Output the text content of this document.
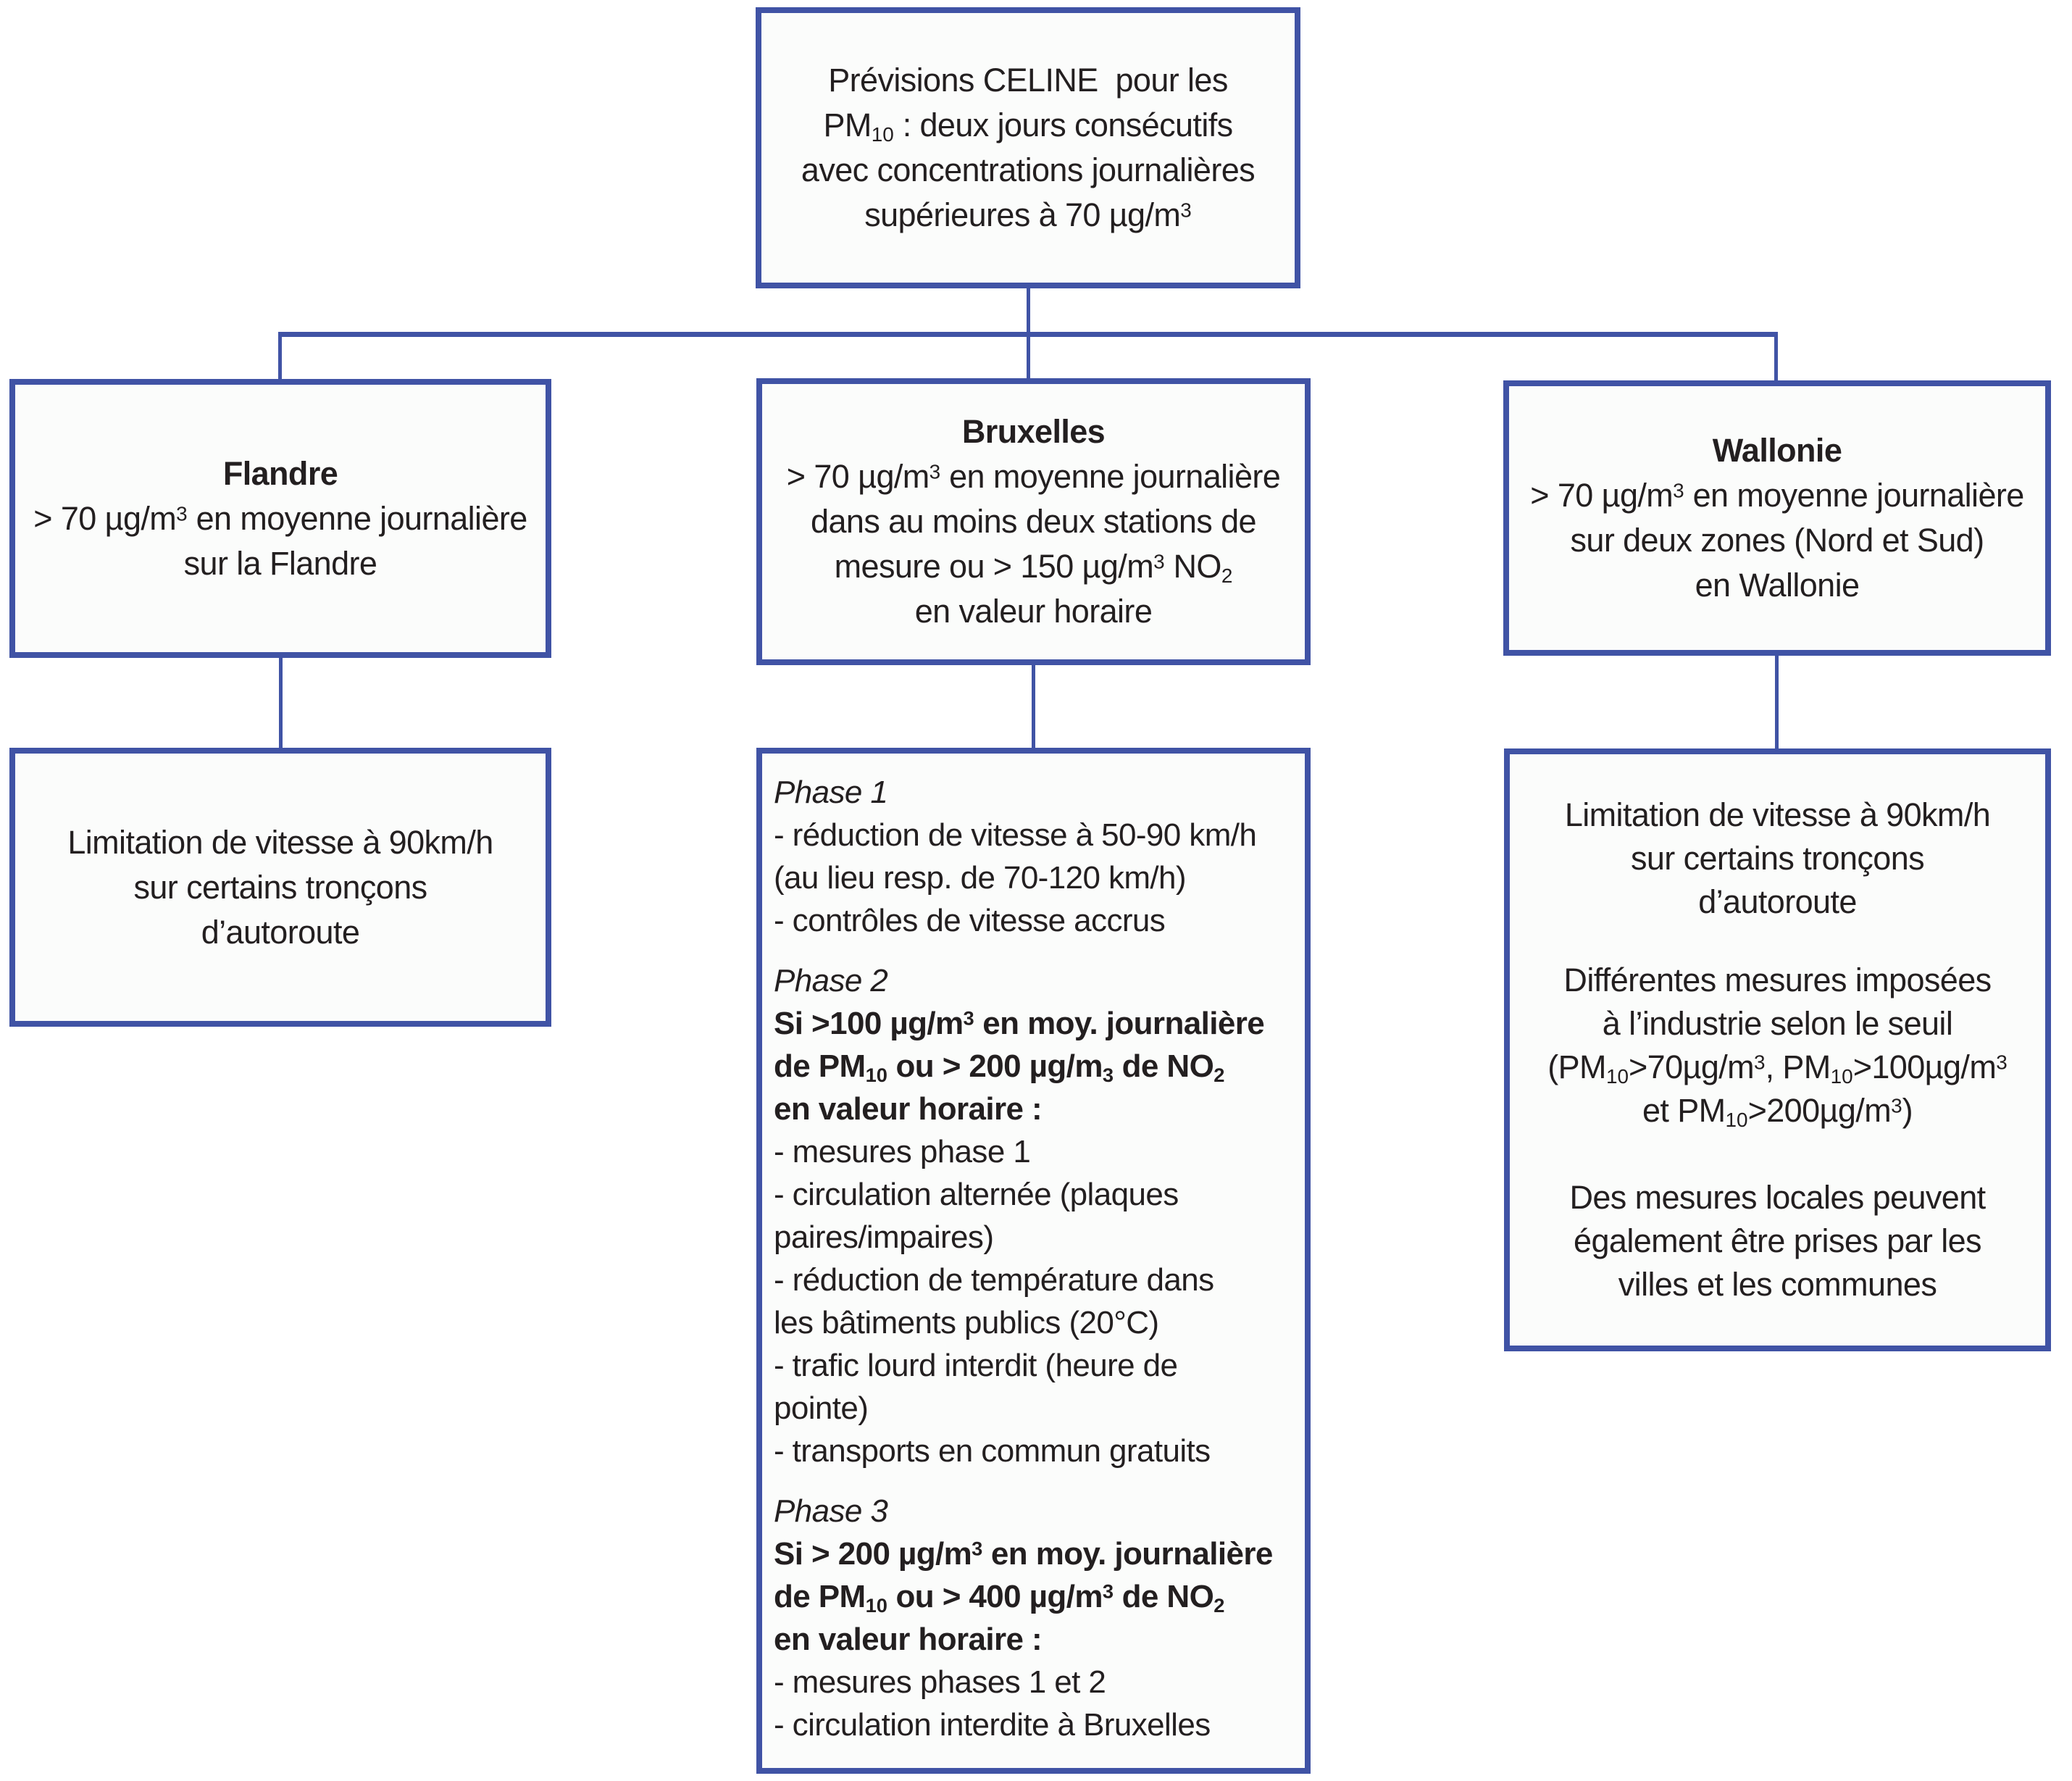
Prévisions CELINE  pour les
$PM_{10}$ : deux jours consécutifs
avec concentrations journalières
supérieures à 70 $\mu g/m^3$
Flandre
> 70 $\mu g/m^3$ en moyenne journalière
sur la Flandre
Bruxelles
> 70 $\mu g/m^3$ en moyenne journalière
dans au moins deux stations de
mesure ou > 150 $\mu g/m^3$ $NO_2$
en valeur horaire
Wallonie
> 70 $\mu g/m^3$ en moyenne journalière
sur deux zones (Nord et Sud)
en Wallonie
Limitation de vitesse à 90km/h
sur certains tronçons
d’autoroute
Phase 1
- réduction de vitesse à 50-90 km/h
(au lieu resp. de 70-120 km/h)
- contrôles de vitesse accrus
Phase 2
Si >100 $\mu g/m^3$ en moy. journalière
de $PM_{10}$ ou > 200 $\mu g/m_3$ de $NO_2$
en valeur horaire :
- mesures phase 1
- circulation alternée (plaques
paires/impaires)
- réduction de température dans
les bâtiments publics (20°C)
- trafic lourd interdit (heure de
pointe)
- transports en commun gratuits
Phase 3
Si > 200 $\mu g/m^3$ en moy. journalière
de $PM_{10}$ ou > 400 $\mu g/m^3$ de $NO_2$
en valeur horaire :
- mesures phases 1 et 2
- circulation interdite à Bruxelles
Limitation de vitesse à 90km/h
sur certains tronçons
d’autoroute
Différentes mesures imposées
à l’industrie selon le seuil
($PM_{10}>70\mu g/m^3$, $PM_{10}>100\mu g/m^3$
et $PM_{10}>200\mu g/m^3$)
Des mesures locales peuvent
également être prises par les
villes et les communes
